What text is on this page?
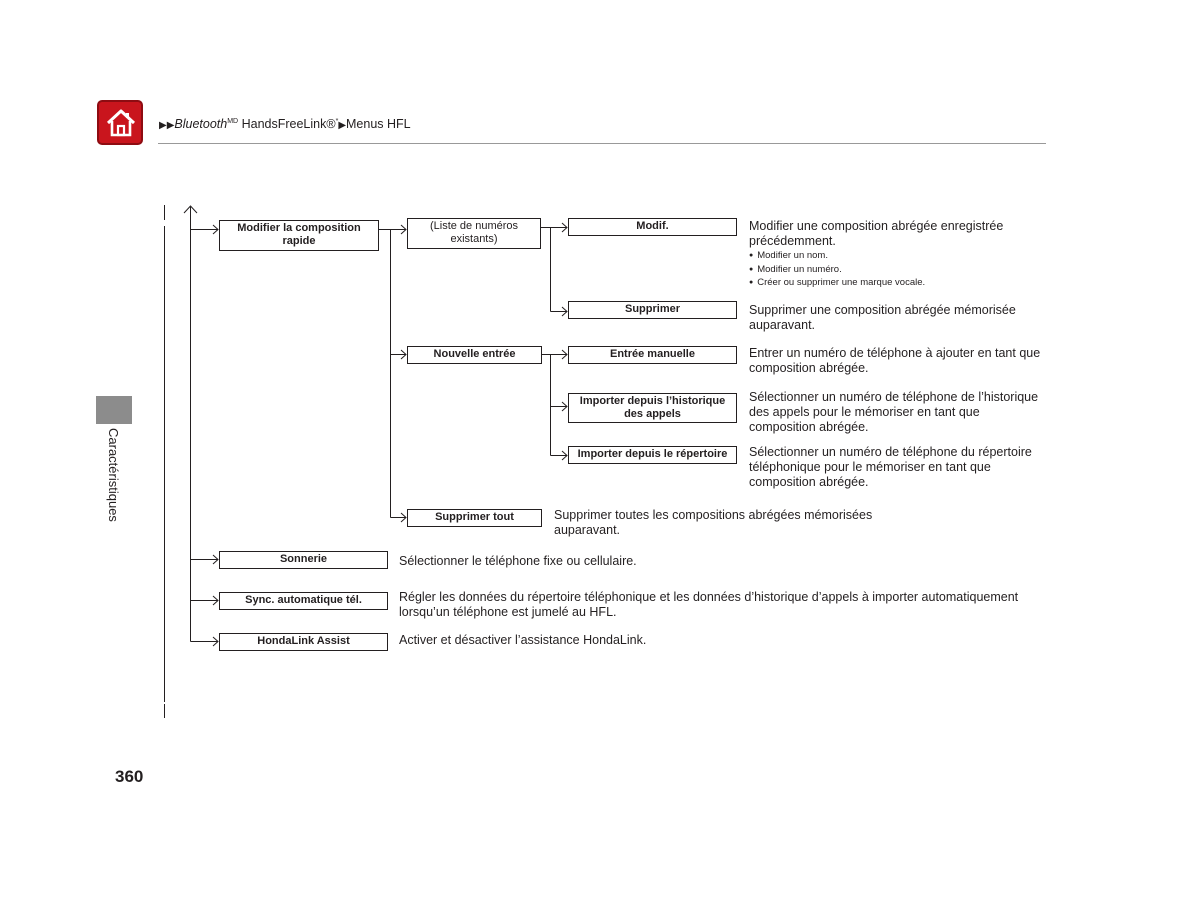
▶▶Bluetooth$^{MD}$ HandsFreeLink®*▶Menus HFL
Caractéristiques
Modifier la composition rapide
(Liste de numéros existants)
Modif.
Supprimer
Nouvelle entrée	Entrée manuelle
Importer depuis l’historique des appels
Importer depuis le répertoire
Supprimer tout
Sonnerie
Sync. automatique tél.
HondaLink Assist
Modifier une composition abrégée enregistrée précédemment.
● Modifier un nom.
● Modifier un numéro.
● Créer ou supprimer une marque vocale.
Supprimer une composition abrégée mémorisée auparavant.
Entrer un numéro de téléphone à ajouter en tant que composition abrégée.
Sélectionner un numéro de téléphone de l’historique des appels pour le mémoriser en tant que composition abrégée.
Sélectionner un numéro de téléphone du répertoire téléphonique pour le mémoriser en tant que composition abrégée.
Supprimer toutes les compositions abrégées mémorisées auparavant.
Sélectionner le téléphone fixe ou cellulaire.
Régler les données du répertoire téléphonique et les données d’historique d’appels à importer automatiquement lorsqu’un téléphone est jumelé au HFL.
Activer et désactiver l’assistance HondaLink.
360
